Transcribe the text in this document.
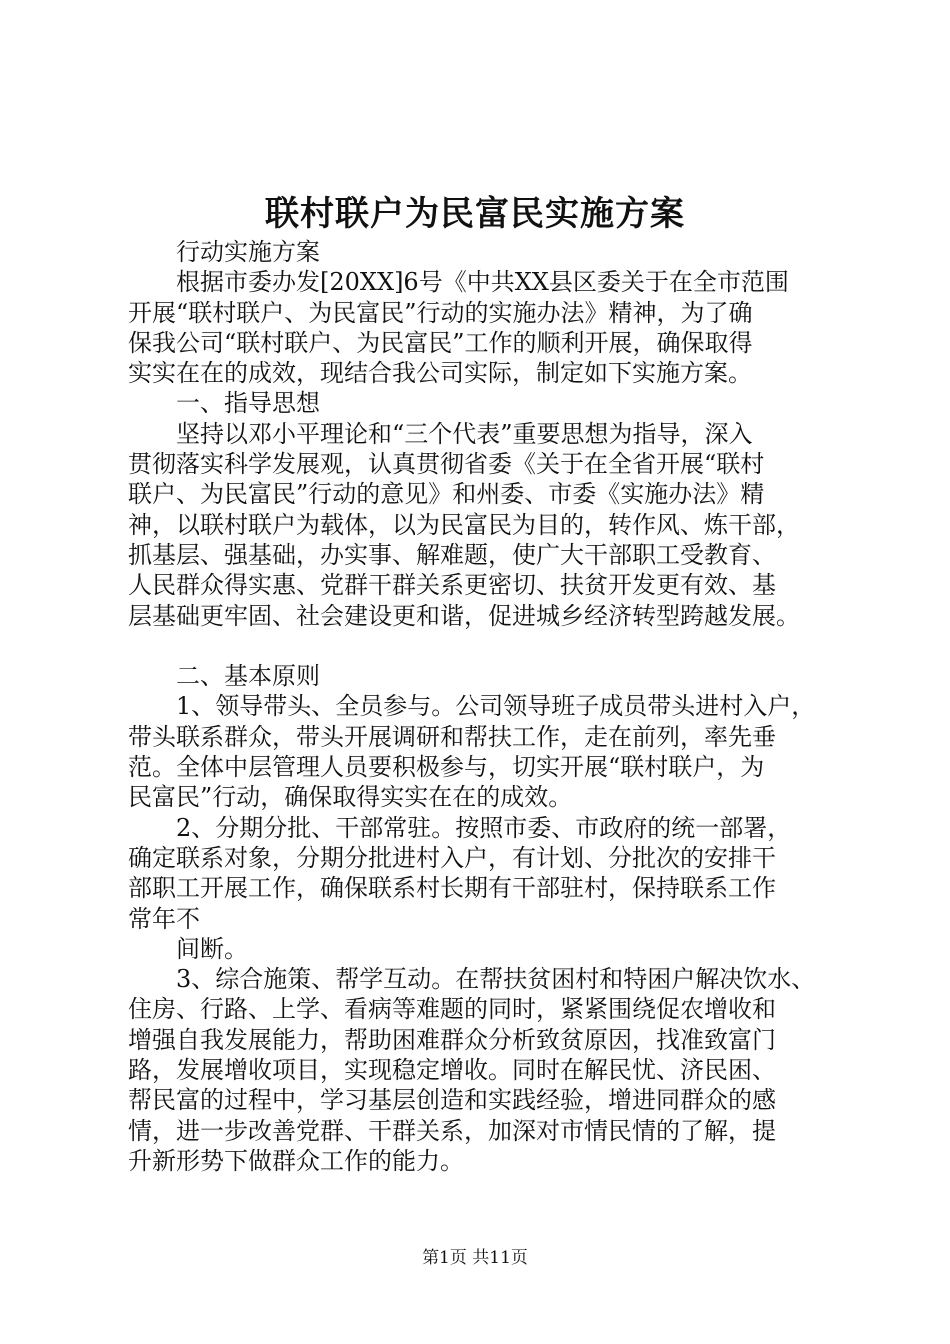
联村联户为民富民实施方案

行动实施方案

根据市委办发[20XX]6号《中共XX县区委关于在全市范围

开展“联村联户、为民富民”行动的实施办法》精神，为了确

保我公司“联村联户、为民富民”工作的顺利开展，确保取得

实实在在的成效，现结合我公司实际，制定如下实施方案。

一、指导思想

坚持以邓小平理论和“三个代表”重要思想为指导，深入

贯彻落实科学发展观，认真贯彻省委《关于在全省开展“联村

联户、为民富民”行动的意见》和州委、市委《实施办法》精

神，以联村联户为载体，以为民富民为目的，转作风、炼干部，

抓基层、强基础，办实事、解难题，使广大干部职工受教育、

人民群众得实惠、党群干群关系更密切、扶贫开发更有效、基

层基础更牢固、社会建设更和谐，促进城乡经济转型跨越发展。

二、基本原则

1、领导带头、全员参与。公司领导班子成员带头进村入户，

带头联系群众，带头开展调研和帮扶工作，走在前列，率先垂

范。全体中层管理人员要积极参与，切实开展“联村联户，为

民富民”行动，确保取得实实在在的成效。

2、分期分批、干部常驻。按照市委、市政府的统一部署，

确定联系对象，分期分批进村入户，有计划、分批次的安排干

部职工开展工作，确保联系村长期有干部驻村，保持联系工作

常年不

间断。

3、综合施策、帮学互动。在帮扶贫困村和特困户解决饮水、

住房、行路、上学、看病等难题的同时，紧紧围绕促农增收和

增强自我发展能力，帮助困难群众分析致贫原因，找准致富门

路，发展增收项目，实现稳定增收。同时在解民忧、济民困、

帮民富的过程中，学习基层创造和实践经验，增进同群众的感

情，进一步改善党群、干群关系，加深对市情民情的了解，提

升新形势下做群众工作的能力。

第1页 共11页
